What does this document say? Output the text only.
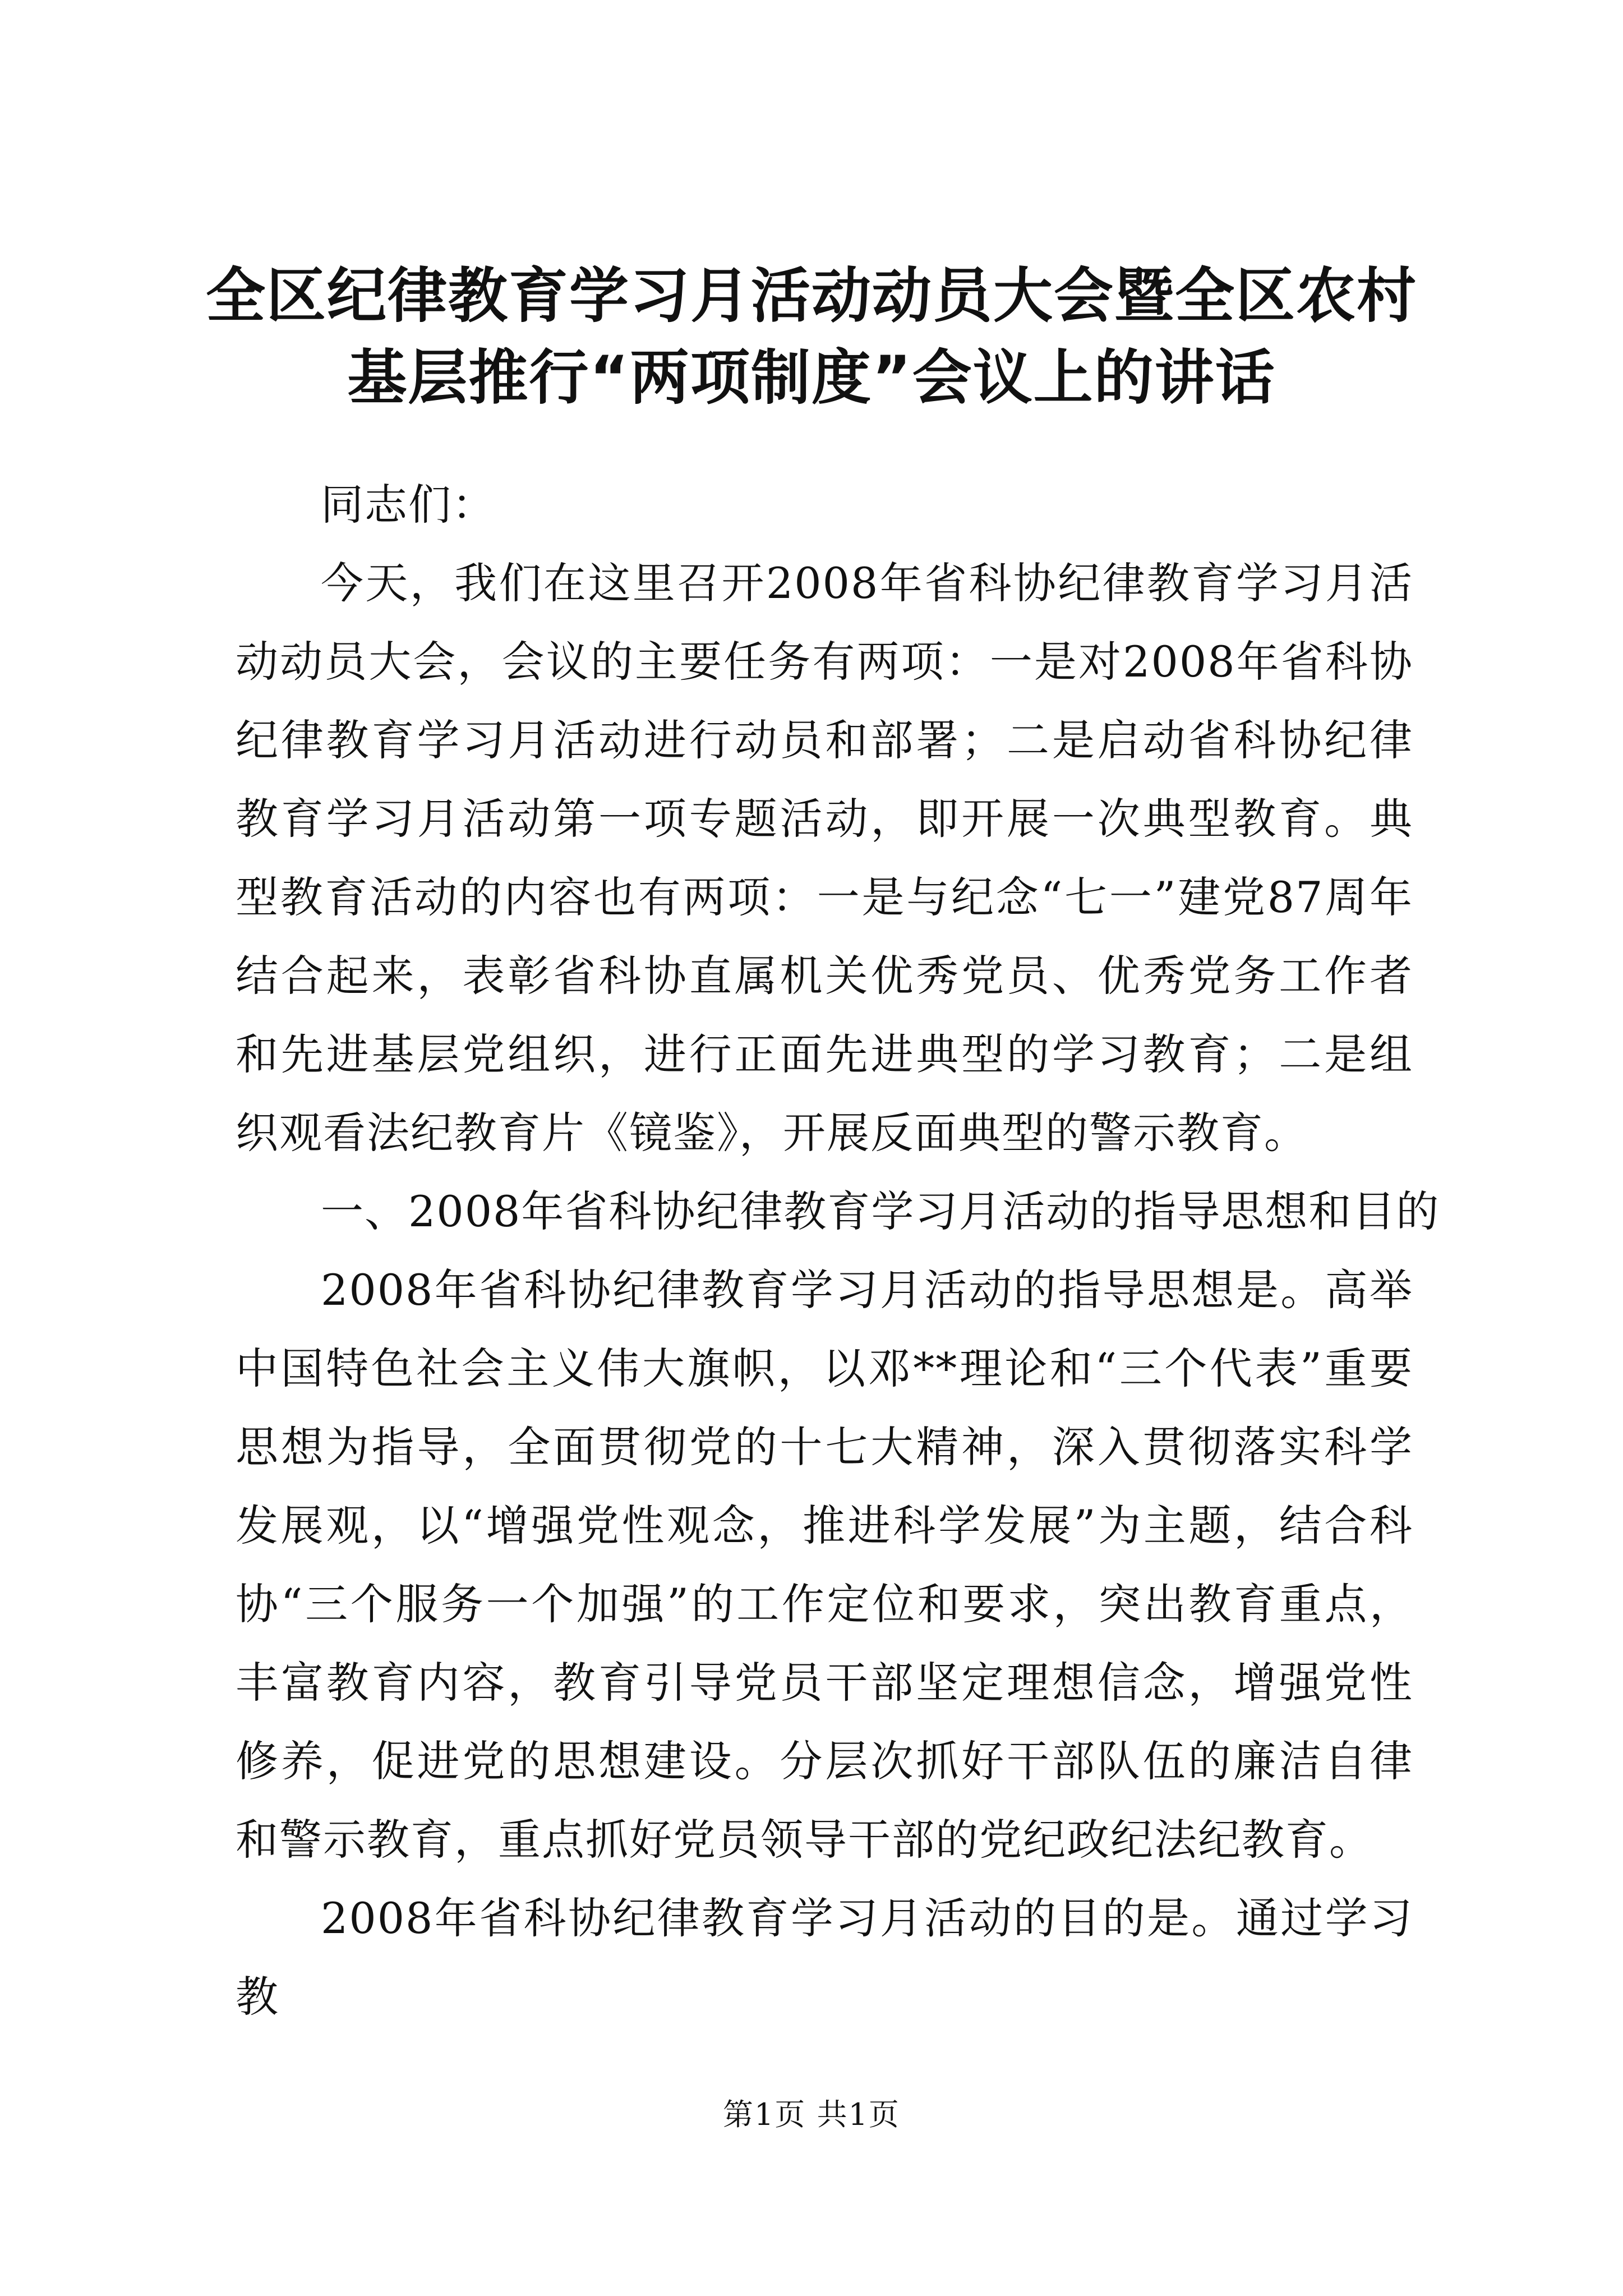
全区纪律教育学习月活动动员大会暨全区农村
基层推行“两项制度”会议上的讲话

同志们：

今天，我们在这里召开2008年省科协纪律教育学习月活动动员大会，会议的主要任务有两项：一是对2008年省科协纪律教育学习月活动进行动员和部署；二是启动省科协纪律教育学习月活动第一项专题活动，即开展一次典型教育。典型教育活动的内容也有两项：一是与纪念“七一”建党87周年结合起来，表彰省科协直属机关优秀党员、优秀党务工作者和先进基层党组织，进行正面先进典型的学习教育；二是组织观看法纪教育片《镜鉴》，开展反面典型的警示教育。

一、2008年省科协纪律教育学习月活动的指导思想和目的

2008年省科协纪律教育学习月活动的指导思想是。高举中国特色社会主义伟大旗帜，以邓**理论和“三个代表”重要思想为指导，全面贯彻党的十七大精神，深入贯彻落实科学发展观，以“增强党性观念，推进科学发展”为主题，结合科协“三个服务一个加强”的工作定位和要求，突出教育重点，丰富教育内容，教育引导党员干部坚定理想信念，增强党性修养，促进党的思想建设。分层次抓好干部队伍的廉洁自律和警示教育，重点抓好党员领导干部的党纪政纪法纪教育。

2008年省科协纪律教育学习月活动的目的是。通过学习教

第1页 共1页
